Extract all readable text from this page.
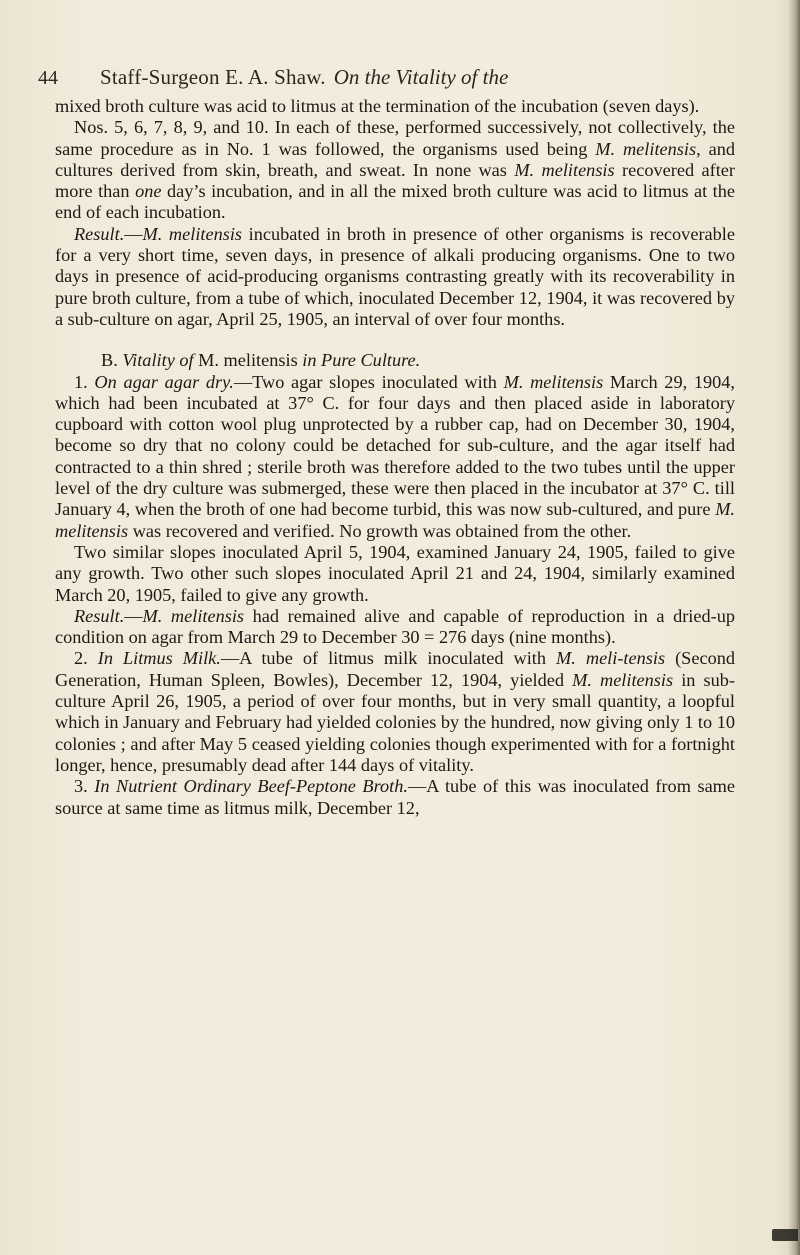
44 Staff-Surgeon E. A. Shaw. On the Vitality of the

mixed broth culture was acid to litmus at the termination of the incubation (seven days).

Nos. 5, 6, 7, 8, 9, and 10. In each of these, performed successively, not collectively, the same procedure as in No. 1 was followed, the organisms used being M. melitensis, and cultures derived from skin, breath, and sweat. In none was M. melitensis recovered after more than one day’s incubation, and in all the mixed broth culture was acid to litmus at the end of each incubation.

Result.—M. melitensis incubated in broth in presence of other organisms is recoverable for a very short time, seven days, in presence of alkali producing organisms. One to two days in presence of acid-producing organisms contrasting greatly with its recoverability in pure broth culture, from a tube of which, inoculated December 12, 1904, it was recovered by a sub-culture on agar, April 25, 1905, an interval of over four months.

B. Vitality of M. melitensis in Pure Culture.

1. On agar agar dry.—Two agar slopes inoculated with M. melitensis March 29, 1904, which had been incubated at 37° C. for four days and then placed aside in laboratory cupboard with cotton wool plug unprotected by a rubber cap, had on December 30, 1904, become so dry that no colony could be detached for sub-culture, and the agar itself had contracted to a thin shred ; sterile broth was therefore added to the two tubes until the upper level of the dry culture was submerged, these were then placed in the incubator at 37° C. till January 4, when the broth of one had become turbid, this was now sub-cultured, and pure M. melitensis was recovered and verified. No growth was obtained from the other.

Two similar slopes inoculated April 5, 1904, examined January 24, 1905, failed to give any growth. Two other such slopes inoculated April 21 and 24, 1904, similarly examined March 20, 1905, failed to give any growth.

Result.—M. melitensis had remained alive and capable of reproduction in a dried-up condition on agar from March 29 to December 30 = 276 days (nine months).

2. In Litmus Milk.—A tube of litmus milk inoculated with M. meli-tensis (Second Generation, Human Spleen, Bowles), December 12, 1904, yielded M. melitensis in sub-culture April 26, 1905, a period of over four months, but in very small quantity, a loopful which in January and February had yielded colonies by the hundred, now giving only 1 to 10 colonies ; and after May 5 ceased yielding colonies though experimented with for a fortnight longer, hence, presumably dead after 144 days of vitality.

3. In Nutrient Ordinary Beef-Peptone Broth.—A tube of this was inoculated from same source at same time as litmus milk, December 12,
